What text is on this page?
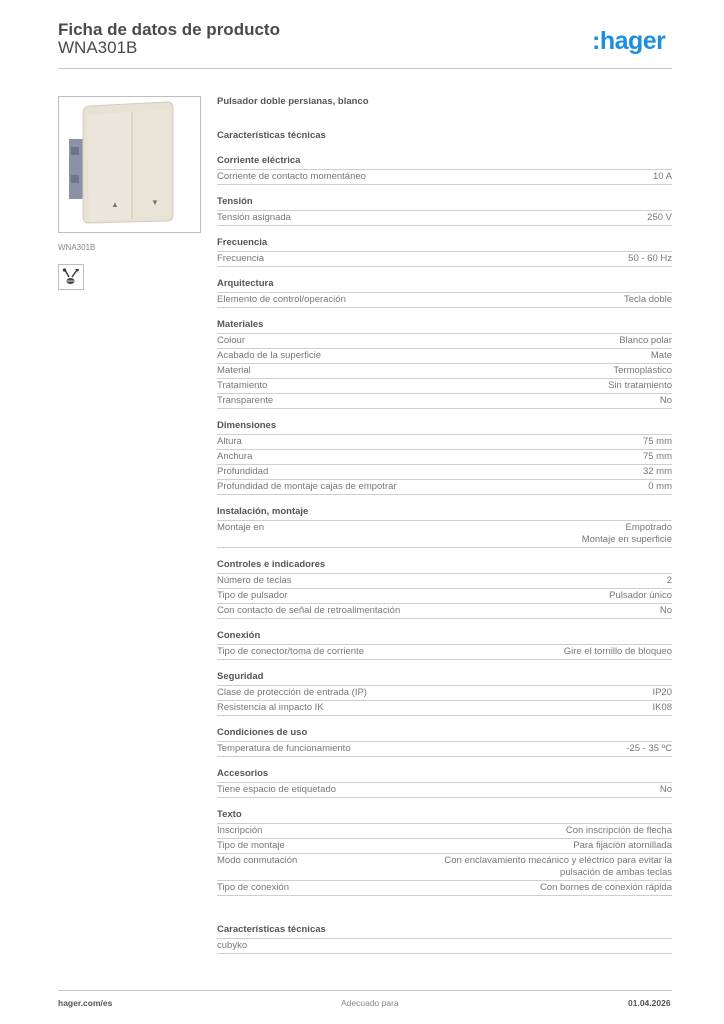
Ficha de datos de producto
WNA301B	:hager
▲	▼
WNA301B
Pulsador doble persianas, blanco
Características técnicas
Corriente eléctrica
Corriente de contacto momentáneo	10 A
Tensión
Tensión asignada	250 V
Frecuencia
Frecuencia	50 - 60 Hz
Arquitectura
Elemento de control/operación	Tecla doble
Materiales
Colour	Blanco polar
Acabado de la superficie	Mate
Material	Termoplástico
Tratamiento	Sin tratamiento
Transparente	No
Dimensiones
Altura	75 mm
Anchura	75 mm
Profundidad	32 mm
Profundidad de montaje cajas de empotrar	0 mm
Instalación, montaje
Montaje en	Empotrado
Montaje en superficie
Controles e indicadores
Número de teclas	2
Tipo de pulsador	Pulsador único
Con contacto de señal de retroalimentación	No
Conexión
Tipo de conector/toma de corriente	Gire el tornillo de bloqueo
Seguridad
Clase de protección de entrada (IP)	IP20
Resistencia al impacto IK	IK08
Condiciones de uso
Temperatura de funcionamiento	-25 - 35 ºC
Accesorios
Tiene espacio de etiquetado	No
Texto
Inscripción	Con inscripción de flecha
Tipo de montaje	Para fijación atornillada
Modo conmutación	Con enclavamiento mecánico y eléctrico para evitar la
pulsación de ambas teclas
Tipo de conexión	Con bornes de conexión rápida
Características técnicas
cubyko
hager.com/es	Adecuado para	01.04.2026
